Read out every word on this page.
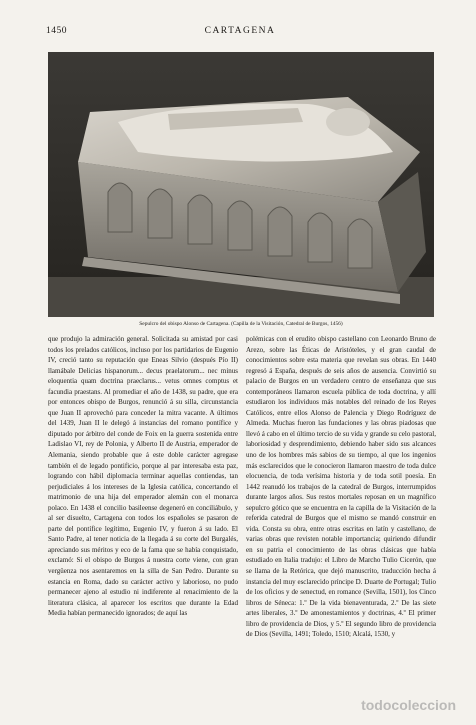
1450	CARTAGENA
Sepulcro del obispo Alonso de Cartagena. (Capilla de la Visitación, Catedral de Burgos, 1456)

que produjo la admiración general. Solicitada su amistad por casi todos los prelados católicos, incluso por los partidarios de Eugenio IV, creció tanto su reputación que Eneas Silvio (después Pío II) llamábale Delicias hispanorum... decus praelatorum... nec minus eloquentia quam doctrina praeclarus... vetus omnes comptus et facundia praestans. Al promediar el año de 1438, su padre, que era por entonces obispo de Burgos, renunció á su silla, circunstancia que Juan II aprovechó para conceder la mitra vacante. A últimos del 1439, Juan II le delegó á instancias del romano pontífice y diputado por árbitro del conde de Foix en la guerra sostenida entre Ladislao VI, rey de Polonia, y Alberto II de Austria, emperador de Alemania, siendo probable que á este doble carácter agregase también el de legado pontificio, porque al par interesaba esta paz, logrando con hábil diplomacia terminar aquellas contiendas, tan perjudiciales á los intereses de la Iglesia católica, concertando el matrimonio de una hija del emperador alemán con el monarca polaco. En 1438 el concilio basileense degeneró en conciliábulo, y al ser disuelto, Cartagena con todos los españoles se pasaron de parte del pontífice legítimo, Eugenio IV, y fueron á su lado. El Santo Padre, al tener noticia de la llegada á su corte del Burgalés, apreciando sus méritos y eco de la fama que se había conquistado, exclamó: Si el obispo de Burgos á nuestra corte viene, con gran vergüenza nos asentaremos en la silla de San Pedro. Durante su estancia en Roma, dado su carácter activo y laborioso, no pudo permanecer ajeno al estudio ni indiferente al renacimiento de la literatura clásica, al aparecer los escritos que durante la Edad Media habían permanecido ignorados; de aquí las

polémicas con el erudito obispo castellano con Leonardo Bruno de Arezo, sobre las Éticas de Aristóteles, y el gran caudal de conocimientos sobre esta materia que revelan sus obras. En 1440 regresó á España, después de seis años de ausencia. Convirtió su palacio de Burgos en un verdadero centro de enseñanza que sus contemporáneos llamaron escuela pública de toda doctrina, y allí estudiaron los individuos más notables del reinado de los Reyes Católicos, entre ellos Alonso de Palencia y Diego Rodríguez de Almeda. Muchas fueron las fundaciones y las obras piadosas que llevó á cabo en el último tercio de su vida y grande su celo pastoral, laboriosidad y desprendimiento, debiendo haber sido sus alcances uno de los hombres más sabios de su tiempo, al que los ingenios más esclarecidos que le conocieron llamaron maestro de toda dulce elocuencia, de toda verísima historia y de toda sotil poesía. En 1442 reanudó los trabajos de la catedral de Burgos, interrumpidos durante largos años. Sus restos mortales reposan en un magnífico sepulcro gótico que se encuentra en la capilla de la Visitación de la referida catedral de Burgos que el mismo se mandó construir en vida. Consta su obra, entre otras escritas en latín y castellano, de varias obras que revisten notable importancia; quiriendo difundir en su patria el conocimiento de las obras clásicas que había estudiado en Italia tradujo: el Libro de Marcho Tulio Cicerón, que se llama de la Retórica, que dejó manuscrito, traducción hecha á instancia del muy esclarecido príncipe D. Duarte de Portugal; Tulio de los oficios y de senectud, en romance (Sevilla, 1501), los Cinco libros de Séneca: 1.º De la vida bienaventurada, 2.º De las siete artes liberales, 3.º De amonestamientos y doctrinas, 4.º El primer libro de providencia de Dios, y 5.º El segundo libro de providencia de Dios (Sevilla, 1491; Toledo, 1510; Alcalá, 1530, y

todocoleccion
